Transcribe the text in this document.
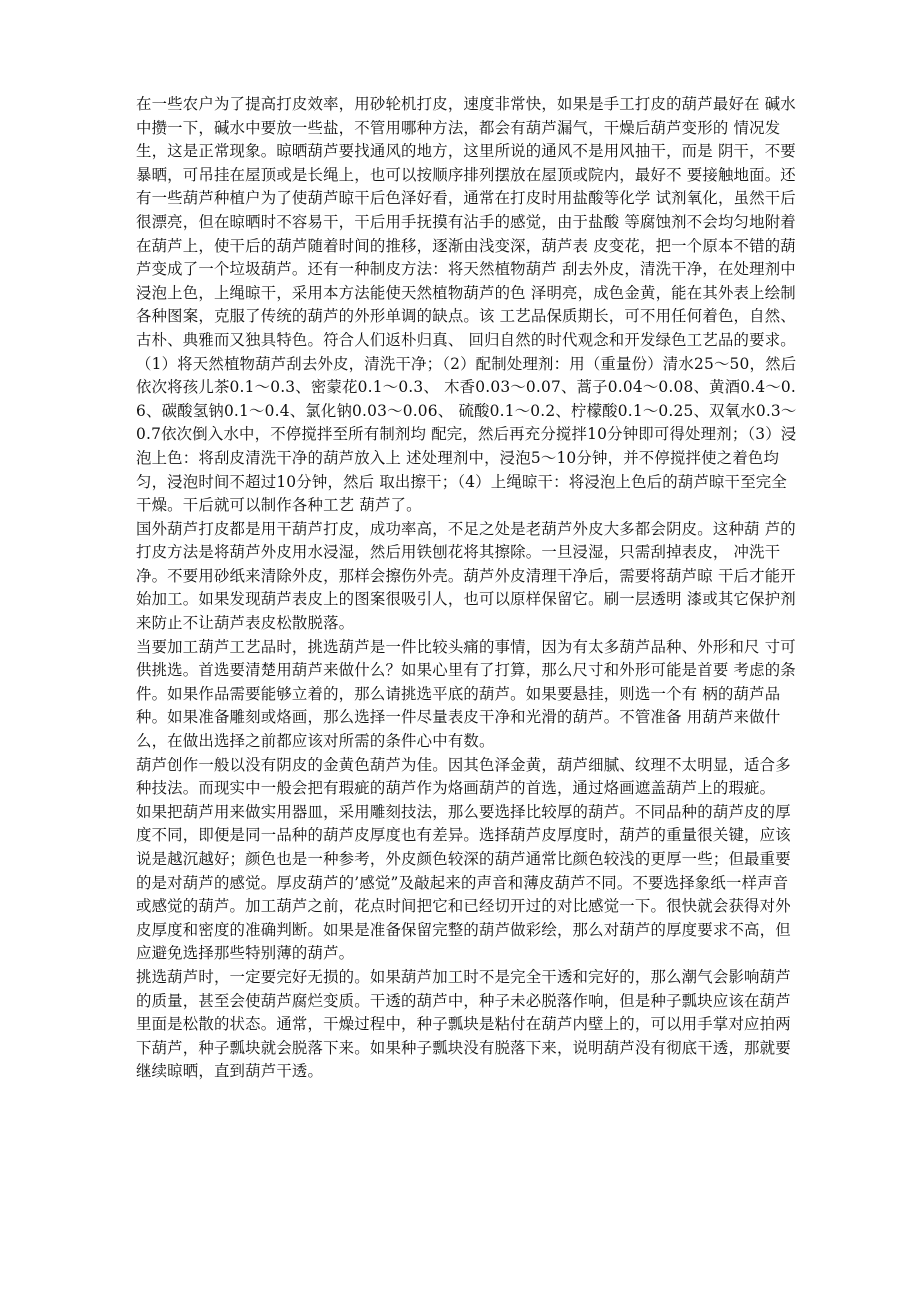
在一些农户为了提高打皮效率，用砂轮机打皮，速度非常快，如果是手工打皮的葫芦最好在 碱水中攒一下，碱水中要放一些盐，不管用哪种方法，都会有葫芦漏气，干燥后葫芦变形的 情况发生，这是正常现象。晾晒葫芦要找通风的地方，这里所说的通风不是用风抽干，而是 阴干，不要暴晒，可吊挂在屋顶或是长绳上，也可以按顺序排列摆放在屋顶或院内，最好不 要接触地面。还有一些葫芦种植户为了使葫芦晾干后色泽好看，通常在打皮时用盐酸等化学 试剂氧化，虽然干后很漂亮，但在晾晒时不容易干，干后用手抚摸有沾手的感觉，由于盐酸 等腐蚀剂不会均匀地附着在葫芦上，使干后的葫芦随着时间的推移，逐渐由浅变深，葫芦表 皮变花，把一个原本不错的葫芦变成了一个垃圾葫芦。还有一种制皮方法：将天然植物葫芦 刮去外皮，清洗干净，在处理剂中浸泡上色，上绳晾干，采用本方法能使天然植物葫芦的色 泽明亮，成色金黄，能在其外表上绘制各种图案，克服了传统的葫芦的外形单调的缺点。该 工艺品保质期长，可不用任何着色，自然、古朴、典雅而又独具特色。符合人们返朴归真、 回归自然的时代观念和开发绿色工艺品的要求。（1）将天然植物葫芦刮去外皮，清洗干净；（2）配制处理剂：用（重量份）清水25～50，然后依次将孩儿茶0.1～0.3、密蒙花0.1～0.3、 木香0.03～0.07、蒿子0.04～0.08、黄酒0.4～0.6、碳酸氢钠0.1～0.4、氯化钠0.03～0.06、 硫酸0.1～0.2、柠檬酸0.1～0.25、双氧水0.3～0.7依次倒入水中，不停搅拌至所有制剂均 配完，然后再充分搅拌10分钟即可得处理剂；（3）浸泡上色：将刮皮清洗干净的葫芦放入上 述处理剂中，浸泡5～10分钟，并不停搅拌使之着色均匀，浸泡时间不超过10分钟，然后 取出擦干；（4）上绳晾干：将浸泡上色后的葫芦晾干至完全干燥。干后就可以制作各种工艺 葫芦了。

国外葫芦打皮都是用干葫芦打皮，成功率高，不足之处是老葫芦外皮大多都会阴皮。这种葫 芦的打皮方法是将葫芦外皮用水浸湿，然后用铁刨花将其擦除。一旦浸湿，只需刮掉表皮， 冲洗干净。不要用砂纸来清除外皮，那样会擦伤外壳。葫芦外皮清理干净后，需要将葫芦晾 干后才能开始加工。如果发现葫芦表皮上的图案很吸引人，也可以原样保留它。刷一层透明 漆或其它保护剂来防止不让葫芦表皮松散脱落。

当要加工葫芦工艺品时，挑选葫芦是一件比较头痛的事情，因为有太多葫芦品种、外形和尺 寸可供挑选。首选要清楚用葫芦来做什么？如果心里有了打算，那么尺寸和外形可能是首要 考虑的条件。如果作品需要能够立着的，那么请挑选平底的葫芦。如果要悬挂，则选一个有 柄的葫芦品种。如果准备雕刻或烙画，那么选择一件尽量表皮干净和光滑的葫芦。不管准备 用葫芦来做什么，在做出选择之前都应该对所需的条件心中有数。

葫芦创作一般以没有阴皮的金黄色葫芦为佳。因其色泽金黄，葫芦细腻、纹理不太明显，适合多种技法。而现实中一般会把有瑕疵的葫芦作为烙画葫芦的首选，通过烙画遮盖葫芦上的瑕疵。

如果把葫芦用来做实用器皿，采用雕刻技法，那么要选择比较厚的葫芦。不同品种的葫芦皮的厚度不同，即便是同一品种的葫芦皮厚度也有差异。选择葫芦皮厚度时，葫芦的重量很关键，应该说是越沉越好；颜色也是一种参考，外皮颜色较深的葫芦通常比颜色较浅的更厚一些；但最重要的是对葫芦的感觉。厚皮葫芦的’感觉”及敲起来的声音和薄皮葫芦不同。不要选择象纸一样声音或感觉的葫芦。加工葫芦之前，花点时间把它和已经切开过的对比感觉一下。很快就会获得对外皮厚度和密度的准确判断。如果是准备保留完整的葫芦做彩绘，那么对葫芦的厚度要求不高，但应避免选择那些特别薄的葫芦。

挑选葫芦时，一定要完好无损的。如果葫芦加工时不是完全干透和完好的，那么潮气会影响葫芦的质量，甚至会使葫芦腐烂变质。干透的葫芦中，种子未必脱落作响，但是种子瓢块应该在葫芦里面是松散的状态。通常，干燥过程中，种子瓢块是粘付在葫芦内壁上的，可以用手掌对应拍两下葫芦，种子瓢块就会脱落下来。如果种子瓢块没有脱落下来，说明葫芦没有彻底干透，那就要继续晾晒，直到葫芦干透。
